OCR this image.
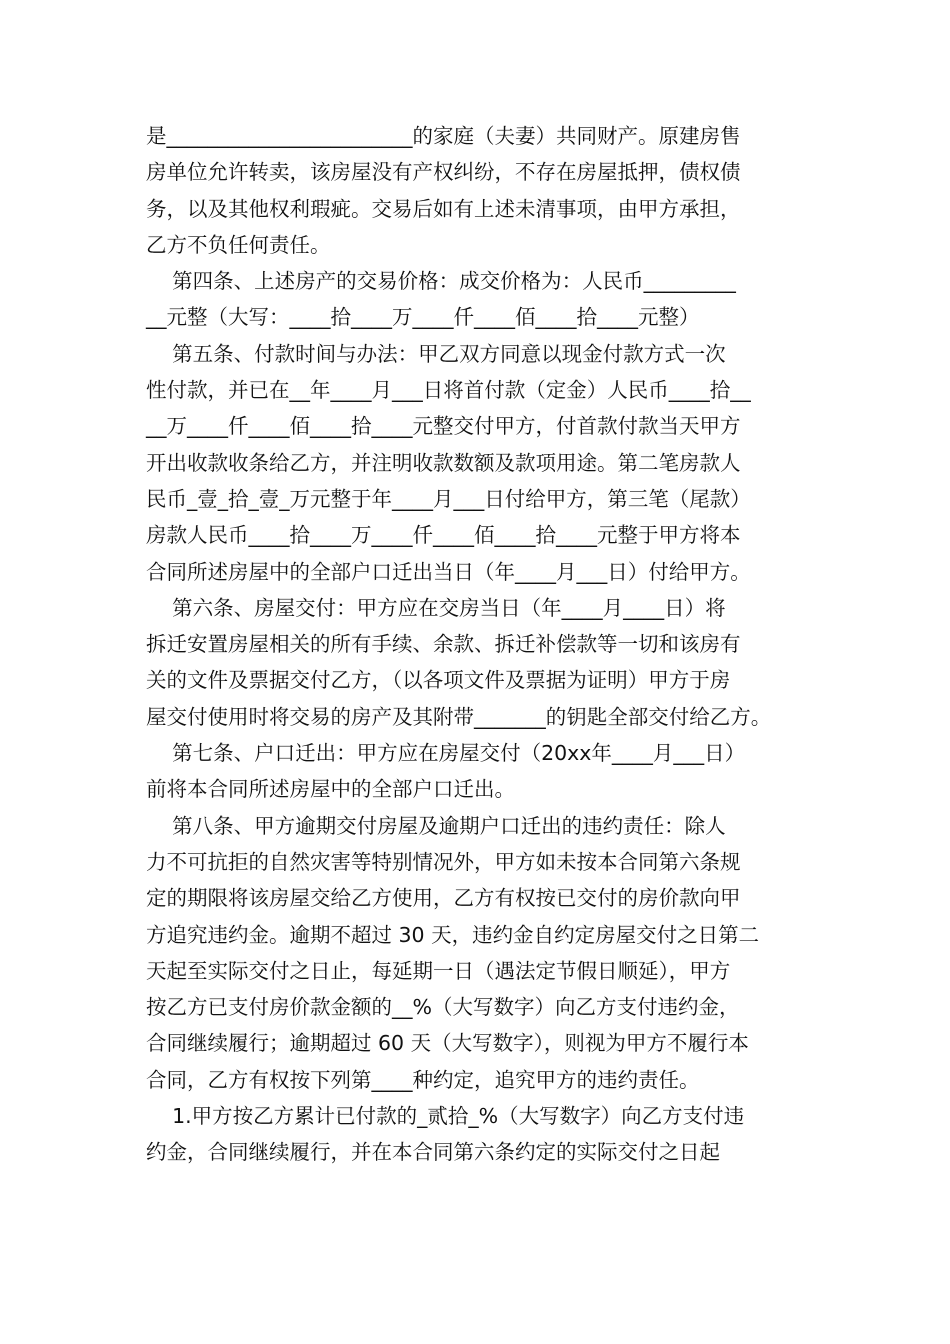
是________________________的家庭（夫妻）共同财产。原建房售
房单位允许转卖，该房屋没有产权纠纷，不存在房屋抵押，债权债
务，以及其他权利瑕疵。交易后如有上述未清事项，由甲方承担，
乙方不负任何责任。
第四条、上述房产的交易价格：成交价格为：人民币_________
__元整（大写：____拾____万____仟____佰____拾____元整）
第五条、付款时间与办法：甲乙双方同意以现金付款方式一次
性付款，并已在__年____月___日将首付款（定金）人民币____拾__
__万____仟____佰____拾____元整交付甲方，付首款付款当天甲方
开出收款收条给乙方，并注明收款数额及款项用途。第二笔房款人
民币_壹_拾_壹_万元整于年____月___日付给甲方，第三笔（尾款）
房款人民币____拾____万____仟____佰____拾____元整于甲方将本
合同所述房屋中的全部户口迁出当日（年____月___日）付给甲方。
第六条、房屋交付：甲方应在交房当日（年____月____日）将
拆迁安置房屋相关的所有手续、余款、拆迁补偿款等一切和该房有
关的文件及票据交付乙方，（以各项文件及票据为证明）甲方于房
屋交付使用时将交易的房产及其附带_______的钥匙全部交付给乙方。
第七条、户口迁出：甲方应在房屋交付（20xx年____月___日）
前将本合同所述房屋中的全部户口迁出。
第八条、甲方逾期交付房屋及逾期户口迁出的违约责任：除人
力不可抗拒的自然灾害等特别情况外，甲方如未按本合同第六条规
定的期限将该房屋交给乙方使用，乙方有权按已交付的房价款向甲
方追究违约金。逾期不超过 30 天，违约金自约定房屋交付之日第二
天起至实际交付之日止，每延期一日（遇法定节假日顺延），甲方
按乙方已支付房价款金额的__%（大写数字）向乙方支付违约金，
合同继续履行；逾期超过 60 天（大写数字），则视为甲方不履行本
合同，乙方有权按下列第____种约定，追究甲方的违约责任。
1.甲方按乙方累计已付款的_贰拾_%（大写数字）向乙方支付违
约金，合同继续履行，并在本合同第六条约定的实际交付之日起
